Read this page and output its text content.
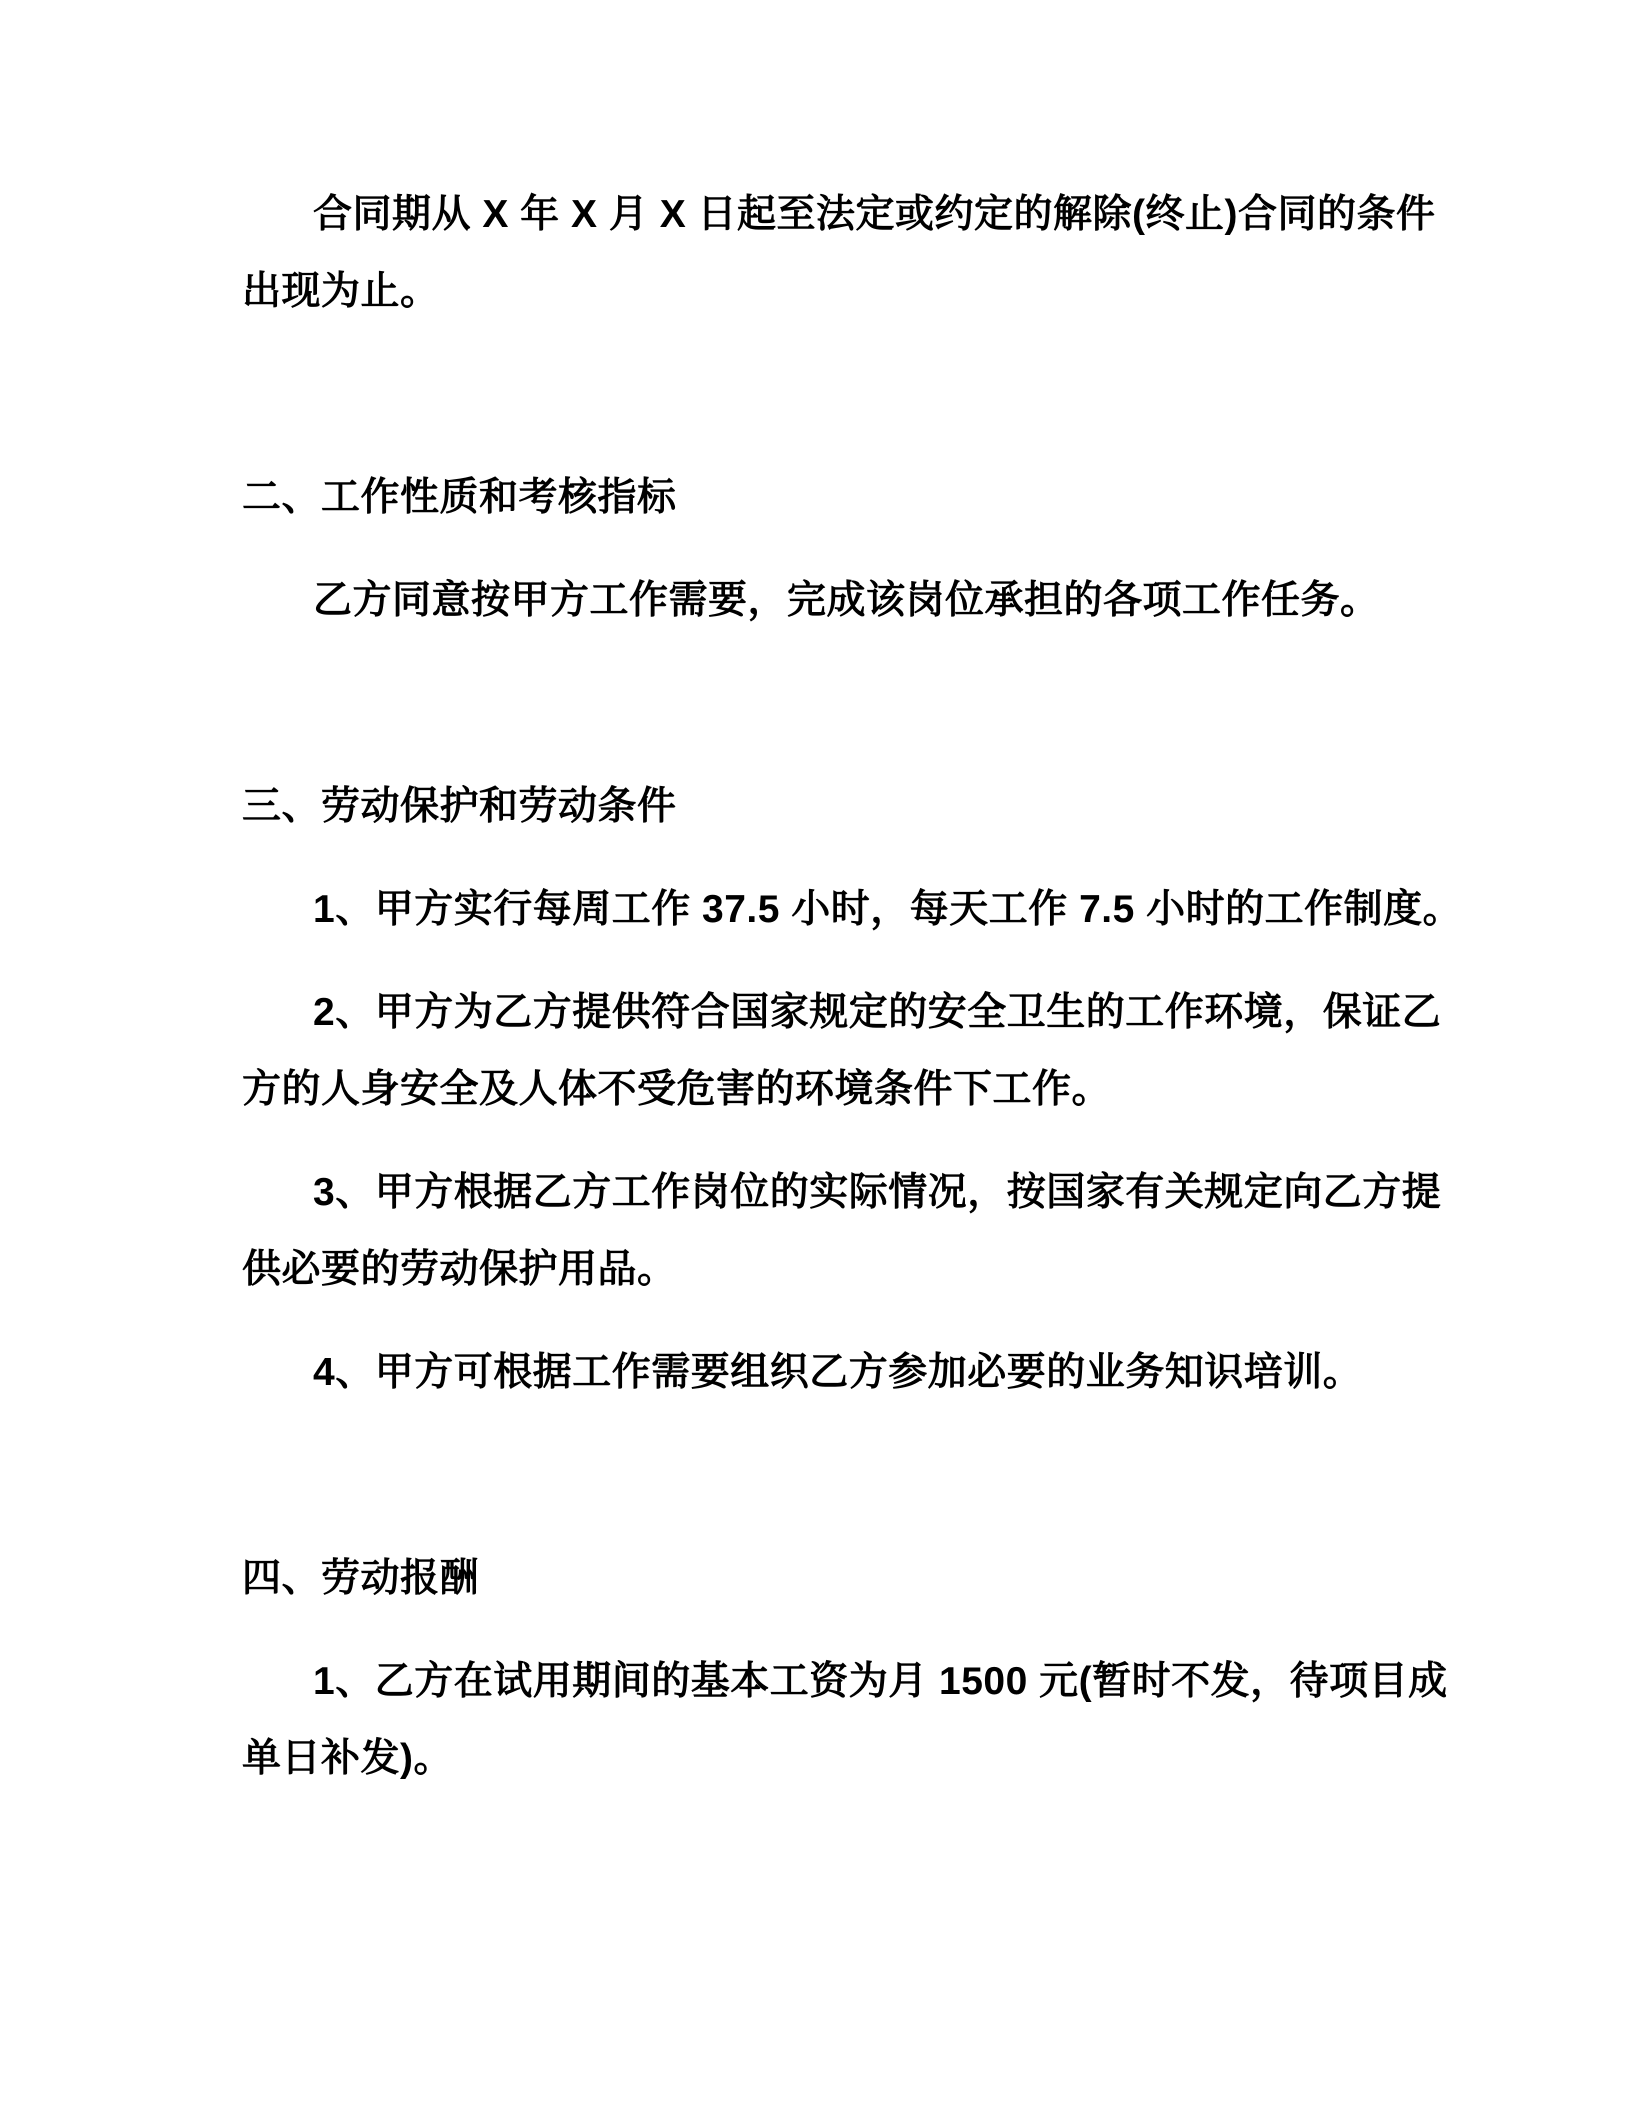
合同期从 X 年 X 月 X 日起至法定或约定的解除(终止)合同的条件
出现为止。
二、工作性质和考核指标
乙方同意按甲方工作需要，完成该岗位承担的各项工作任务。
三、劳动保护和劳动条件
1、甲方实行每周工作 37.5 小时，每天工作 7.5 小时的工作制度。
2、甲方为乙方提供符合国家规定的安全卫生的工作环境，保证乙
方的人身安全及人体不受危害的环境条件下工作。
3、甲方根据乙方工作岗位的实际情况，按国家有关规定向乙方提
供必要的劳动保护用品。
4、甲方可根据工作需要组织乙方参加必要的业务知识培训。
四、劳动报酬
1、乙方在试用期间的基本工资为月 1500 元(暂时不发，待项目成
单日补发)。
